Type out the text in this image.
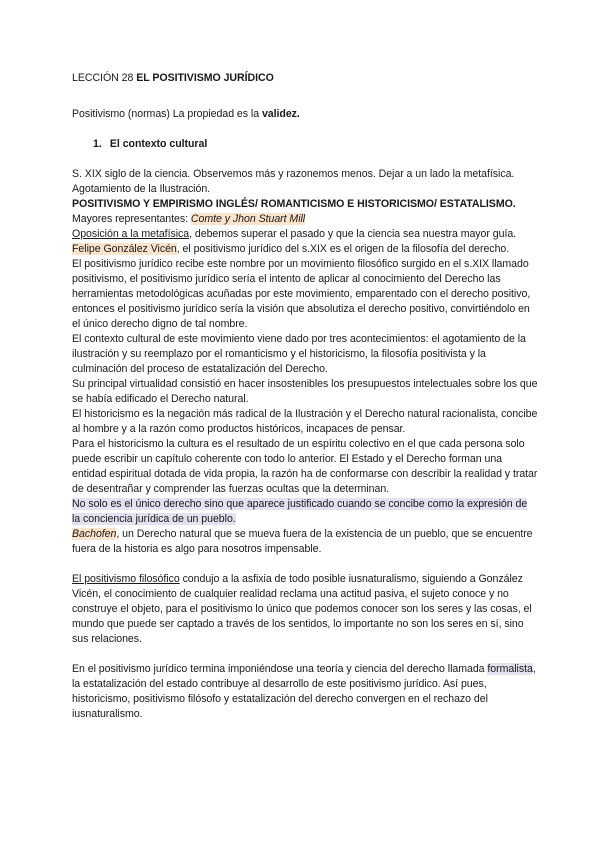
LECCIÓN 28 EL POSITIVISMO JURÍDICO

Positivismo (normas) La propiedad es la validez.

1. El contexto cultural

S. XIX siglo de la ciencia. Observemos más y razonemos menos. Dejar a un lado la metafísica. Agotamiento de la Ilustración.

POSITIVISMO Y EMPIRISMO INGLÉS/ ROMANTICISMO E HISTORICISMO/ ESTATALISMO.

Mayores representantes: Comte y Jhon Stuart Mill

Oposición a la metafísica, debemos superar el pasado y que la ciencia sea nuestra mayor guía.

Felipe González Vicén, el positivismo jurídico del s.XIX es el origen de la filosofía del derecho.

El positivismo jurídico recibe este nombre por un movimiento filosófico surgido en el s.XIX llamado positivismo, el positivismo jurídico sería el intento de aplicar al conocimiento del Derecho las herramientas metodológicas acuñadas por este movimiento, emparentado con el derecho positivo, entonces el positivismo jurídico sería la visión que absolutiza el derecho positivo, convirtiéndolo en el único derecho digno de tal nombre.

El contexto cultural de este movimiento viene dado por tres acontecimientos: el agotamiento de la ilustración y su reemplazo por el romanticismo y el historicismo, la filosofía positivista y la culminación del proceso de estatalización del Derecho.

Su principal virtualidad consistió en hacer insostenibles los presupuestos intelectuales sobre los que se había edificado el Derecho natural.

El historicismo es la negación más radical de la Ilustración y el Derecho natural racionalista, concibe al hombre y a la razón como productos históricos, incapaces de pensar.

Para el historicismo la cultura es el resultado de un espíritu colectivo en el que cada persona solo puede escribir un capítulo coherente con todo lo anterior. El Estado y el Derecho forman una entidad espiritual dotada de vida propia, la razón ha de conformarse con describir la realidad y tratar de desentrañar y comprender las fuerzas ocultas que la determinan.

No solo es el único derecho sino que aparece justificado cuando se concibe como la expresión de la conciencia jurídica de un pueblo.

Bachofen, un Derecho natural que se mueva fuera de la existencia de un pueblo, que se encuentre fuera de la historia es algo para nosotros impensable.

El positivismo filosófico condujo a la asfixia de todo posible iusnaturalismo, siguiendo a González Vicén, el conocimiento de cualquier realidad reclama una actitud pasiva, el sujeto conoce y no construye el objeto, para el positivismo lo único que podemos conocer son los seres y las cosas, el mundo que puede ser captado a través de los sentidos, lo importante no son los seres en sí, sino sus relaciones.

En el positivismo jurídico termina imponiéndose una teoría y ciencia del derecho llamada formalista, la estatalización del estado contribuye al desarrollo de este positivismo jurídico. Así pues, historicismo, positivismo filósofo y estatalización del derecho convergen en el rechazo del iusnaturalismo.
